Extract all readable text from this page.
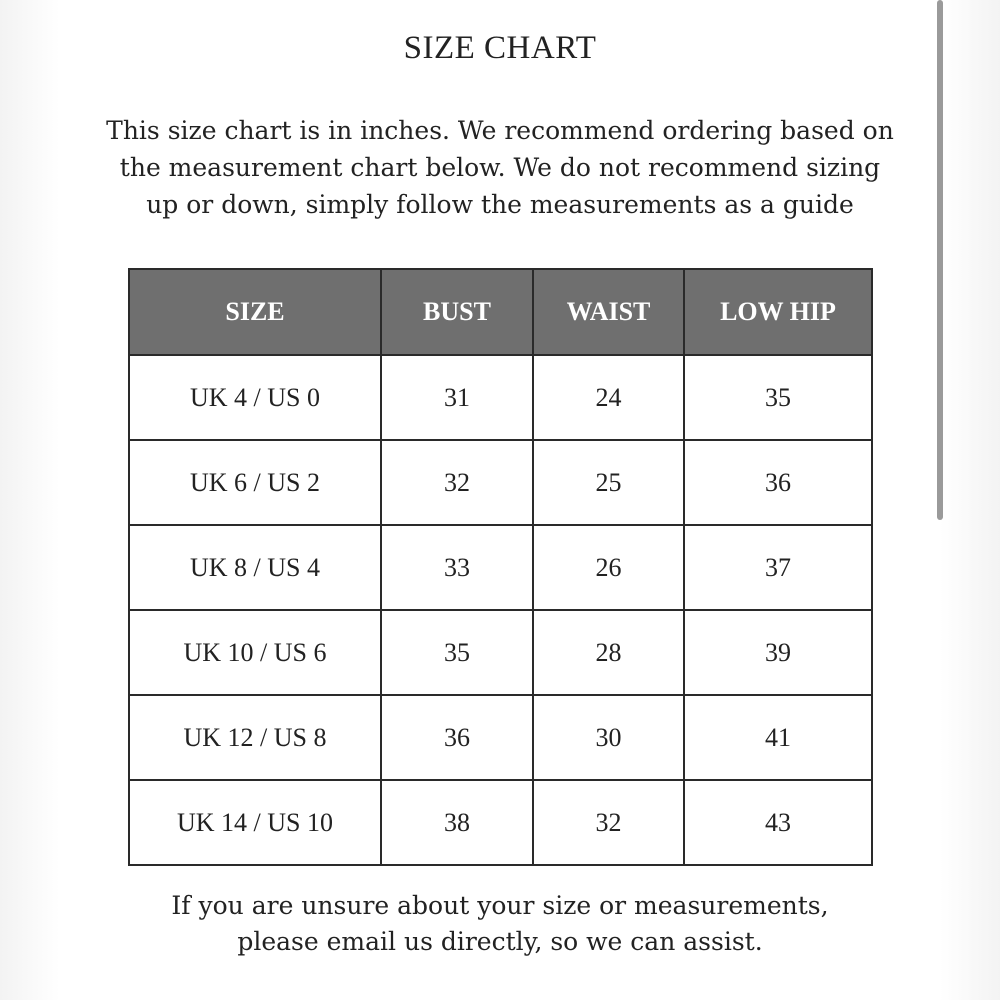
SIZE CHART
This size chart is in inches. We recommend ordering based on the measurement chart below. We do not recommend sizing up or down, simply follow the measurements as a guide
SIZE	BUST	WAIST	LOW HIP
UK 4 / US 0	31	24	35
UK 6 / US 2	32	25	36
UK 8 / US 4	33	26	37
UK 10 / US 6	35	28	39
UK 12 / US 8	36	30	41
UK 14 / US 10	38	32	43
If you are unsure about your size or measurements,
please email us directly, so we can assist.
